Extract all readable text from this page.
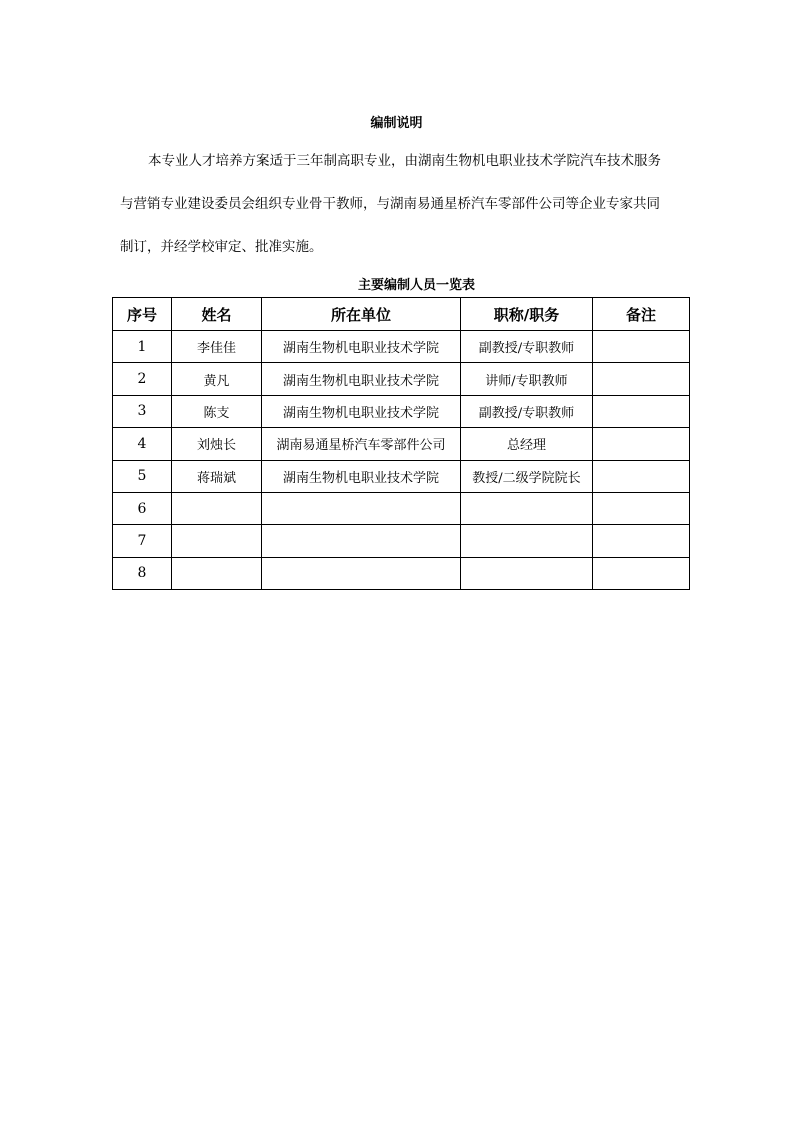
编制说明
本专业人才培养方案适于三年制高职专业，由湖南生物机电职业技术学院汽车技术服务
与营销专业建设委员会组织专业骨干教师，与湖南易通星桥汽车零部件公司等企业专家共同
制订，并经学校审定、批准实施。
主要编制人员一览表
序号	姓名	所在单位	职称/职务	备注
1	李佳佳	湖南生物机电职业技术学院	副教授/专职教师	
2	黄凡	湖南生物机电职业技术学院	讲师/专职教师	
3	陈支	湖南生物机电职业技术学院	副教授/专职教师	
4	刘烛长	湖南易通星桥汽车零部件公司	总经理	
5	蒋瑞斌	湖南生物机电职业技术学院	教授/二级学院院长	
6				
7				
8				
